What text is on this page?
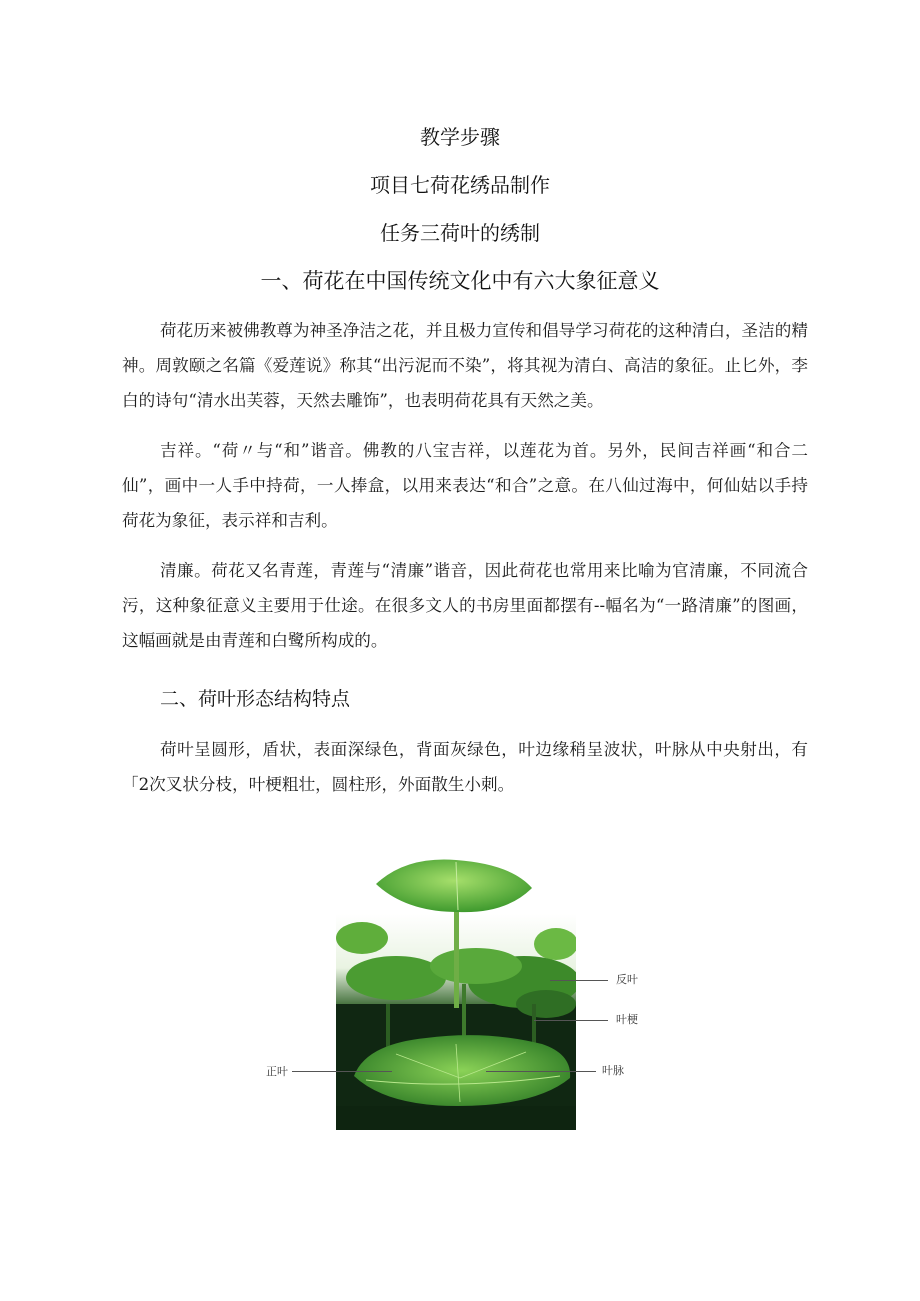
教学步骤
项目七荷花绣品制作
任务三荷叶的绣制
一、荷花在中国传统文化中有六大象征意义
荷花历来被佛教尊为神圣净洁之花，并且极力宣传和倡导学习荷花的这种清白，圣洁的精神。周敦颐之名篇《爱莲说》称其“出污泥而不染”，将其视为清白、高洁的象征。止匕外，李白的诗句“清水出芙蓉，天然去雕饰”，也表明荷花具有天然之美。
吉祥。“荷〃与“和”谐音。佛教的八宝吉祥，以莲花为首。另外，民间吉祥画“和合二仙”，画中一人手中持荷，一人捧盒，以用来表达“和合”之意。在八仙过海中，何仙姑以手持荷花为象征，表示祥和吉利。
清廉。荷花又名青莲，青莲与“清廉”谐音，因此荷花也常用来比喻为官清廉，不同流合污，这种象征意义主要用于仕途。在很多文人的书房里面都摆有--幅名为“一路清廉”的图画，这幅画就是由青莲和白鹭所构成的。
二、荷叶形态结构特点
荷叶呈圆形，盾状，表面深绿色，背面灰绿色，叶边缘稍呈波状，叶脉从中央射出，有「2次叉状分枝，叶梗粗壮，圆柱形，外面散生小刺。
反叶
叶梗
正叶	叶脉
